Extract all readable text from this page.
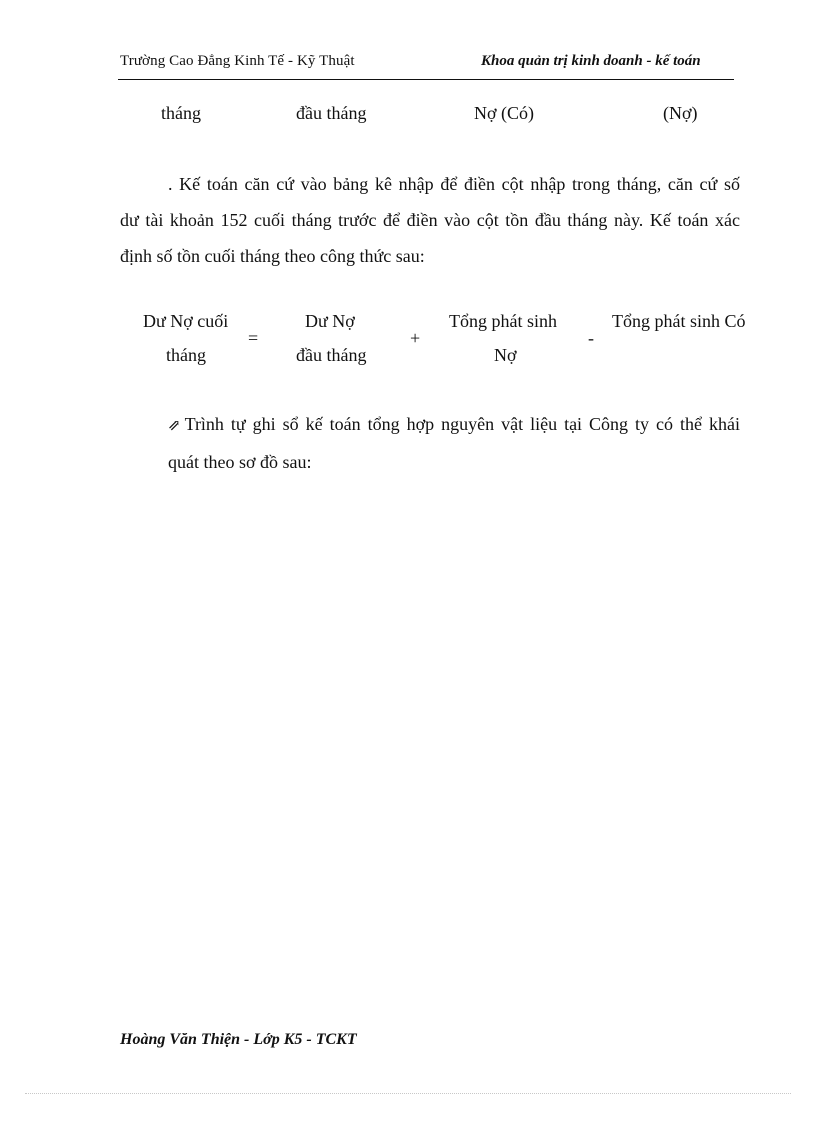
Trường Cao Đẳng Kinh Tế - Kỹ Thuật	Khoa quản trị kinh doanh - kế toán
tháng	đầu tháng	Nợ (Có)	(Nợ)
. Kế toán căn cứ vào bảng kê nhập để điền cột nhập trong tháng, căn cứ số
dư tài khoản 152 cuối tháng trước để điền vào cột tồn đầu tháng này. Kế toán xác
định số tồn cuối tháng theo công thức sau:
Dư Nợ cuối
tháng
=
Dư Nợ
đầu tháng
+
Tổng phát sinh
Nợ
-
Tổng phát sinh Có
⇗ Trình tự ghi sổ kế toán tổng hợp nguyên vật liệu tại Công ty có thể khái
quát theo sơ đồ sau:
Hoàng Văn Thiện - Lớp K5 - TCKT
